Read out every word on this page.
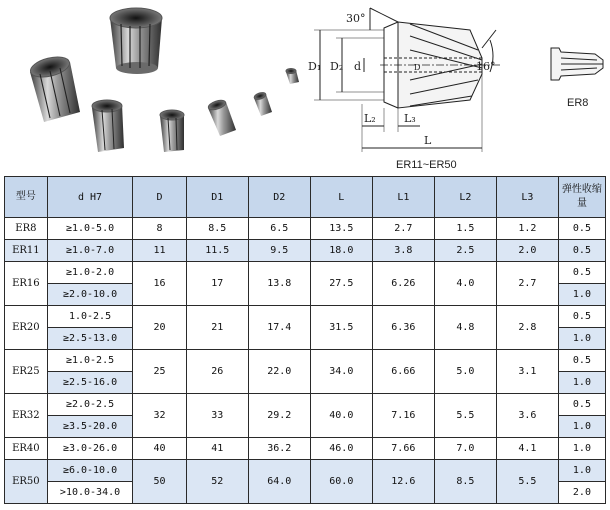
30°
16°
D₁ D₂ d	D
L₂	L₃
L
ER11~ER50
ER8
型号	d H7	D	D1	D2	L	L1	L2	L3	弹性收缩量
ER8	≥1.0-5.0	8	8.5	6.5	13.5	2.7	1.5	1.2	0.5
ER11	≥1.0-7.0	11	11.5	9.5	18.0	3.8	2.5	2.0	0.5
ER16	≥1.0-2.0	16	17	13.8	27.5	6.26	4.0	2.7	0.5
	≥2.0-10.0								1.0
ER20	1.0-2.5	20	21	17.4	31.5	6.36	4.8	2.8	0.5
	≥2.5-13.0								1.0
ER25	≥1.0-2.5	25	26	22.0	34.0	6.66	5.0	3.1	0.5
	≥2.5-16.0								1.0
ER32	≥2.0-2.5	32	33	29.2	40.0	7.16	5.5	3.6	0.5
	≥3.5-20.0								1.0
ER40	≥3.0-26.0	40	41	36.2	46.0	7.66	7.0	4.1	1.0
ER50	≥6.0-10.0	50	52	64.0	60.0	12.6	8.5	5.5	1.0
	>10.0-34.0								2.0
